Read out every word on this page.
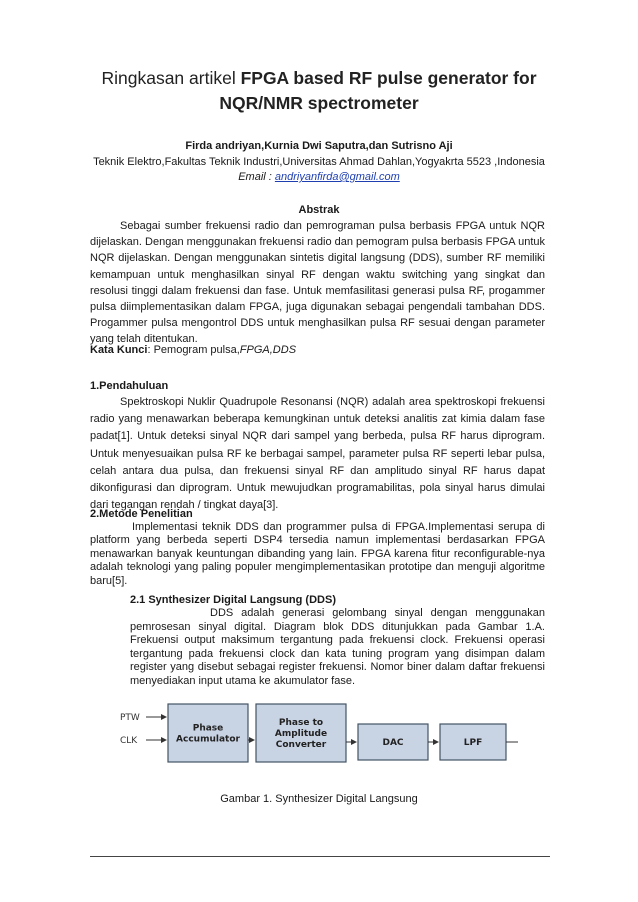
Ringkasan artikel FPGA based RF pulse generator for
NQR/NMR spectrometer
Firda andriyan,Kurnia Dwi Saputra,dan Sutrisno Aji
Teknik Elektro,Fakultas Teknik Industri,Universitas Ahmad Dahlan,Yogyakrta 5523 ,Indonesia
Email : andriyanfirda@gmail.com
Abstrak

Sebagai sumber frekuensi radio dan pemrograman pulsa berbasis FPGA untuk NQR dijelaskan. Dengan menggunakan frekuensi radio dan pemogram pulsa berbasis FPGA untuk NQR dijelaskan. Dengan menggunakan sintetis digital langsung (DDS), sumber RF memiliki kemampuan untuk menghasilkan sinyal RF dengan waktu switching yang singkat dan resolusi tinggi dalam frekuensi dan fase. Untuk memfasilitasi generasi pulsa RF, progammer pulsa diimplementasikan dalam FPGA, juga digunakan sebagai pengendali tambahan DDS. Progammer pulsa mengontrol DDS untuk menghasilkan pulsa RF sesuai dengan parameter yang telah ditentukan.

Kata Kunci: Pemogram pulsa,FPGA,DDS
1.Pendahuluan

Spektroskopi Nuklir Quadrupole Resonansi (NQR) adalah area spektroskopi frekuensi radio yang menawarkan beberapa kemungkinan untuk deteksi analitis zat kimia dalam fase padat[1]. Untuk deteksi sinyal NQR dari sampel yang berbeda, pulsa RF harus diprogram. Untuk menyesuaikan pulsa RF ke berbagai sampel, parameter pulsa RF seperti lebar pulsa, celah antara dua pulsa, dan frekuensi sinyal RF dan amplitudo sinyal RF harus dapat dikonfigurasi dan diprogram. Untuk mewujudkan programabilitas, pola sinyal harus dimulai dari tegangan rendah / tingkat daya[3].

2.Metode Penelitian

Implementasi teknik DDS dan programmer pulsa di FPGA.Implementasi serupa di platform yang berbeda seperti DSP4 tersedia namun implementasi berdasarkan FPGA menawarkan banyak keuntungan dibanding yang lain. FPGA karena fitur reconfigurable-nya adalah teknologi yang paling populer mengimplementasikan prototipe dan menguji algoritme baru[5].

2.1 Synthesizer Digital Langsung (DDS)

DDS adalah generasi gelombang sinyal dengan menggunakan pemrosesan sinyal digital. Diagram blok DDS ditunjukkan pada Gambar 1.A. Frekuensi output maksimum tergantung pada frekuensi clock. Frekuensi operasi tergantung pada frekuensi clock dan kata tuning program yang disimpan dalam register yang disebut sebagai register frekuensi. Nomor biner dalam daftar frekuensi menyediakan input utama ke akumulator fase.

PTW
CLK
Phase Accumulator
Phase to Amplitude Converter	DAC	LPF
Gambar 1. Synthesizer Digital Langsung
